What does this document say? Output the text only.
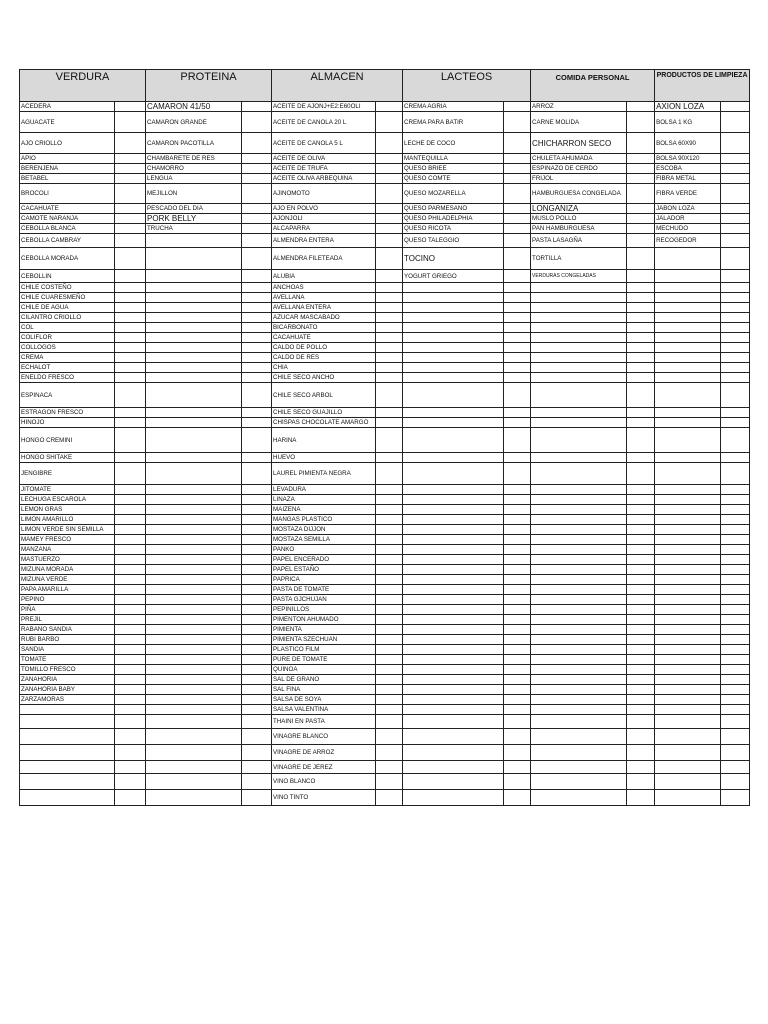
VERDURA		PROTEINA		ALMACEN		LACTEOS		COMIDA PERSONAL		PRODUCTOS DE LIMPIEZA	
ACEDERA		CAMARON 41/50		ACEITE DE AJONJ+E2:E60OLI		CREMA AGRIA		ARROZ		AXION LOZA	
AGUACATE		CAMARON GRANDE		ACEITE DE CANOLA 20 L		CREMA PARA BATIR		CARNE MOLIDA		BOLSA 1 KG	
AJO CRIOLLO		CAMARON PACOTILLA		ACEITE DE CANOLA 5 L		LECHE DE COCO		CHICHARRON SECO		BOLSA 60X90	
APIO		CHAMBARETE DE RES		ACEITE DE OLIVA		MANTEQUILLA		CHULETA AHUMADA		BOLSA 90X120	
BERENJENA		CHAMORRO		ACEITE DE TRUFA		QUESO BRIEE		ESPINAZO DE CERDO		ESCOBA	
BETABEL		LENGUA		ACEITE OLIVA ARBEQUINA		QUESO COMTE		FRIJOL		FIBRA METAL	
BROCOLI		MEJILLON		AJINOMOTO		QUESO MOZARELLA		HAMBURGUESA CONGELADA		FIBRA VERDE	
CACAHUATE		PESCADO DEL DIA		AJO EN POLVO		QUESO PARMESANO		LONGANIZA		JABON LOZA	
CAMOTE NARANJA		PORK BELLY		AJONJOLI		QUESO PHILADELPHIA		MUSLO POLLO		JALADOR	
CEBOLLA BLANCA		TRUCHA		ALCAPARRA		QUESO RICOTA		PAN HAMBURGUESA		MECHUDO	
CEBOLLA CAMBRAY				ALMENDRA ENTERA		QUESO TALEGGIO		PASTA LASAGÑA		RECOGEDOR	
CEBOLLA MORADA				ALMENDRA FILETEADA		TOCINO		TORTILLA			
CEBOLLIN				ALUBIA		YOGURT GRIEGO		VERDURAS CONGELADAS			
CHILE COSTEÑO				ANCHOAS							
CHILE CUARESMEÑO				AVELLANA							
CHILE DE AGUA				AVELLANA ENTERA							
CILANTRO CRIOLLO				AZUCAR MASCABADO							
COL				BICARBONATO							
COLIFLOR				CACAHUATE							
COLLOGOS				CALDO DE POLLO							
CREMA				CALDO DE RES							
ECHALOT				CHIA							
ENELDO FRESCO				CHILE SECO ANCHO							
ESPINACA				CHILE SECO ARBOL							
ESTRAGON FRESCO				CHILE SECO GUAJILLO							
HINOJO				CHISPAS CHOCOLATE AMARGO							
HONGO CREMINI				HARINA							
HONGO SHITAKE				HUEVO							
JENGIBRE				LAUREL PIMIENTA NEGRA							
JITOMATE				LEVADURA							
LECHUGA ESCAROLA				LINAZA							
LEMON GRAS				MAIZENA							
LIMON AMARILLO				MANGAS PLASTICO							
LIMON VERDE SIN SEMILLA				MOSTAZA DIJJON							
MAMEY FRESCO				MOSTAZA SEMILLA							
MANZANA				PANKO							
MASTUERZO				PAPEL ENCERADO							
MIZUNA MORADA				PAPEL ESTAÑO							
MIZUNA VERDE				PAPRICA							
PAPA AMARILLA				PASTA DE TOMATE							
PEPINO				PASTA GJCHUJAN							
PIÑA				PEPINILLOS							
PREJIL				PIMENTON AHUMADO							
RABANO SANDIA				PIMIENTA							
RUBI BARBO				PIMIENTA SZECHUAN							
SANDIA				PLASTICO FILM							
TOMATE				PURE DE TOMATE							
TOMILLO FRESCO				QUINOA							
ZANAHORIA				SAL DE GRANO							
ZANAHORIA BABY				SAL FINA							
ZARZAMORAS				SALSA DE SOYA							
				SALSA VALENTINA							
				THAINI EN PASTA							
				VINAGRE BLANCO							
				VINAGRE DE ARROZ							
				VINAGRE DE JEREZ							
				VINO BLANCO							
				VINO TINTO							
